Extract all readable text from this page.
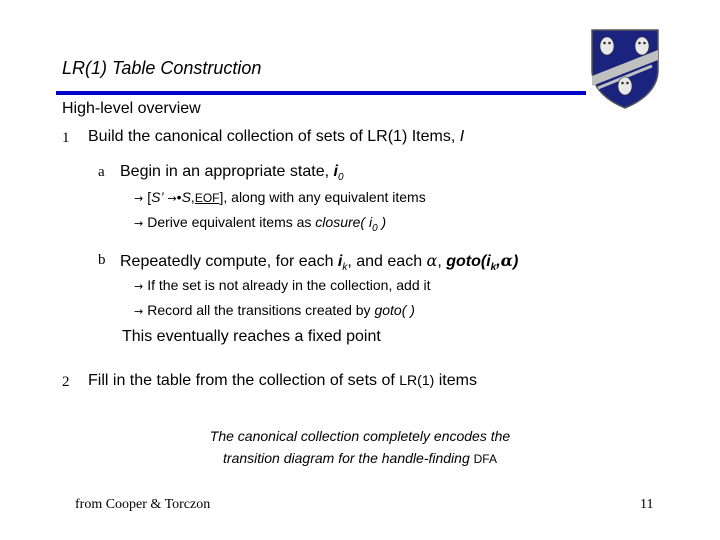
LR(1) Table Construction
High-level overview
1 Build the canonical collection of sets of LR(1) Items, I
a Begin in an appropriate state, $i_0$
→ [S’ →•S,EOF], along with any equivalent items
→ Derive equivalent items as closure( $i_0$ )
b Repeatedly compute, for each $i_k$, and each α, $goto(i_k,\alpha)$
→ If the set is not already in the collection, add it
→ Record all the transitions created by goto( )
This eventually reaches a fixed point
2 Fill in the table from the collection of sets of LR(1) items
The canonical collection completely encodes the
transition diagram for the handle-finding DFA
from Cooper & Torczon	11
